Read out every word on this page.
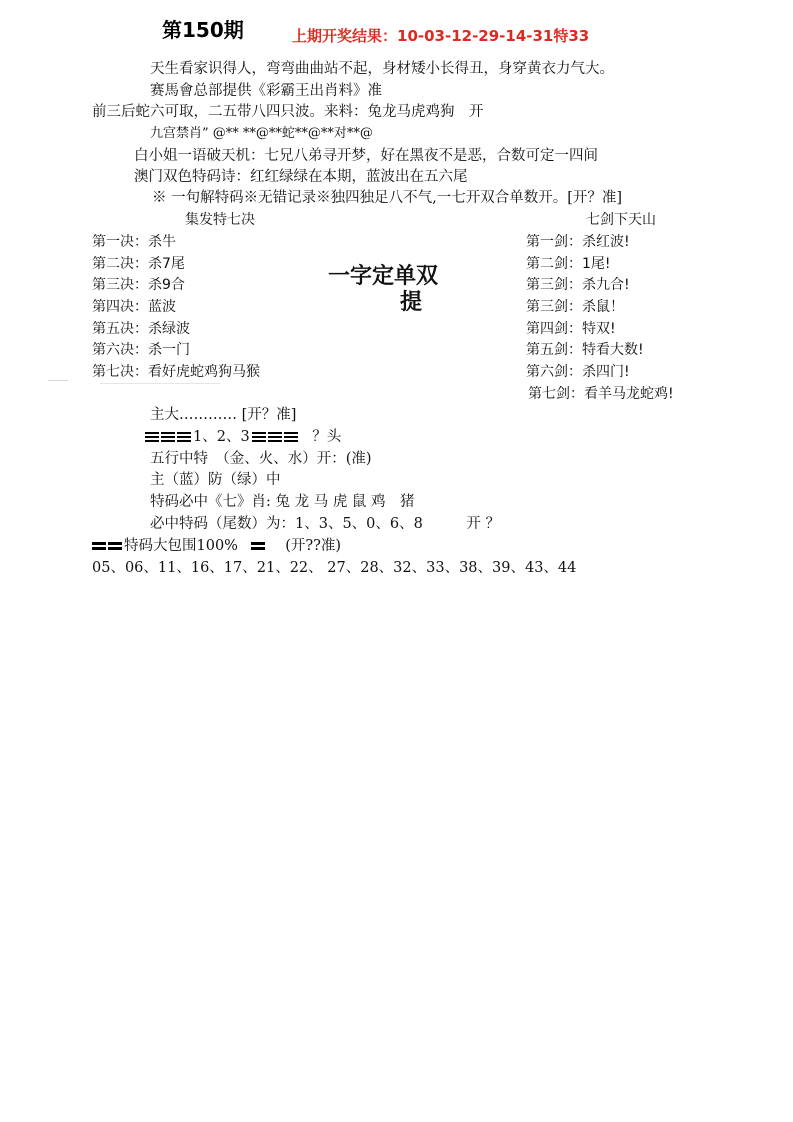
第150期	上期开奖结果：10-03-12-29-14-31特33
天生看家识得人，弯弯曲曲站不起，身材矮小长得丑，身穿黄衣力气大。
赛馬會总部提供《彩霸王出肖料》准
前三后蛇六可取，二五带八四只波。来料：兔龙马虎鸡狗　开
九宫禁肖” @** **@**蛇**@**对**@
白小姐一语破天机：七兄八弟寻开梦，好在黑夜不是恶，合数可定一四间
澳门双色特码诗：红红绿绿在本期，蓝波出在五六尾
※ 一句解特码※无错记录※独四独足八不气,一七开双合单数开。[开？准]
集发特七决	七剑下天山
第一决：杀牛
第二决：杀7尾
第三决：杀9合
第四决：蓝波
第五决：杀绿波
第六决：杀一门
第七决：看好虎蛇鸡狗马猴
一字定单双
提
第一剑：杀红波!
第二剑：1尾!
第三剑：杀九合!
第三剑：杀鼠！
第四剑：特双!
第五剑：特看大数!
第六剑：杀四门!
第七剑：看羊马龙蛇鸡!
主大………… [开？准]
1、2、3	？头
五行中特　（金、火、水）开：(准)
主（蓝）防（绿）中
特码必中《七》肖: 兔 龙 马 虎 鼠 鸡　猪
必中特码（尾数）为：1、3、5、0、6、8　　　开 ？
特码大包围100%	(开??准)
05、06、11、16、17、21、22、 27、28、32、33、38、39、43、44
